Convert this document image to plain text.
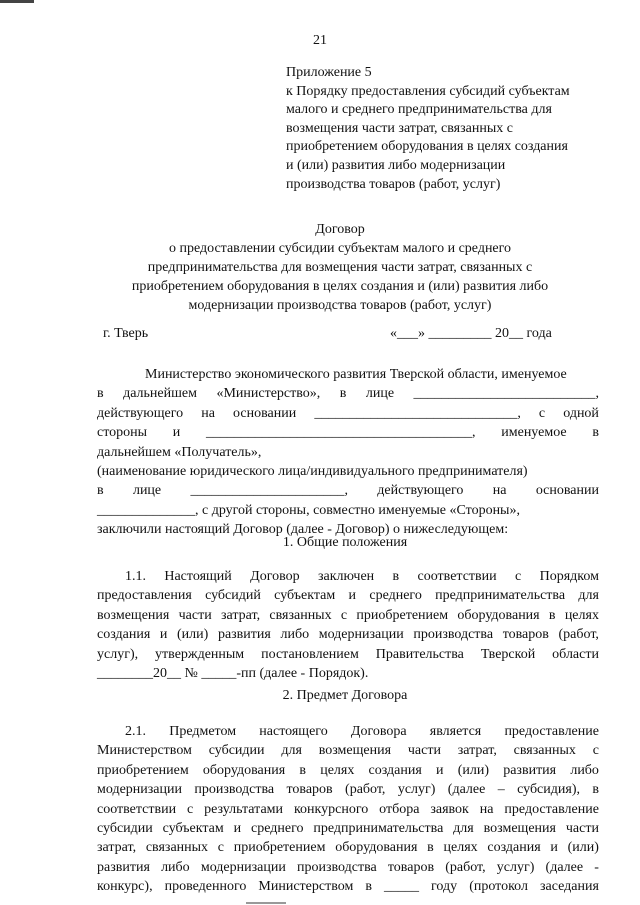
21
Приложение 5
к Порядку предоставления субсидий субъектам
малого и среднего предпринимательства для
возмещения части затрат, связанных с
приобретением оборудования в целях создания
и (или) развития либо модернизации
производства товаров (работ, услуг)
Договор
о предоставлении субсидии субъектам малого и среднего
предпринимательства для возмещения части затрат, связанных с
приобретением оборудования в целях создания и (или) развития либо
модернизации производства товаров (работ, услуг)
г. Тверь	«___» _________ 20__ года
Министерство экономического развития Тверской области, именуемое
в дальнейшем «Министерство», в лице __________________________,
действующего на основании _____________________________, с одной
стороны и ______________________________________, именуемое в
дальнейшем «Получатель»,
(наименование юридического лица/индивидуального предпринимателя)
в лице ______________________, действующего на основании
______________, с другой стороны, совместно именуемые «Стороны»,
заключили настоящий Договор (далее - Договор) о нижеследующем:
1. Общие положения
1.1. Настоящий Договор заключен в соответствии с Порядком
предоставления субсидий субъектам и среднего предпринимательства для
возмещения части затрат, связанных с приобретением оборудования в целях
создания и (или) развития либо модернизации производства товаров (работ,
услуг), утвержденным постановлением Правительства Тверской области
________20__ № _____-пп (далее - Порядок).
2. Предмет Договора
2.1. Предметом настоящего Договора является предоставление
Министерством субсидии для возмещения части затрат, связанных с
приобретением оборудования в целях создания и (или) развития либо
модернизации производства товаров (работ, услуг) (далее – субсидия), в
соответствии с результатами конкурсного отбора заявок на предоставление
субсидии субъектам и среднего предпринимательства для возмещения части
затрат, связанных с приобретением оборудования в целях создания и (или)
развития либо модернизации производства товаров (работ, услуг) (далее -
конкурс), проведенного Министерством в _____ году (протокол заседания
